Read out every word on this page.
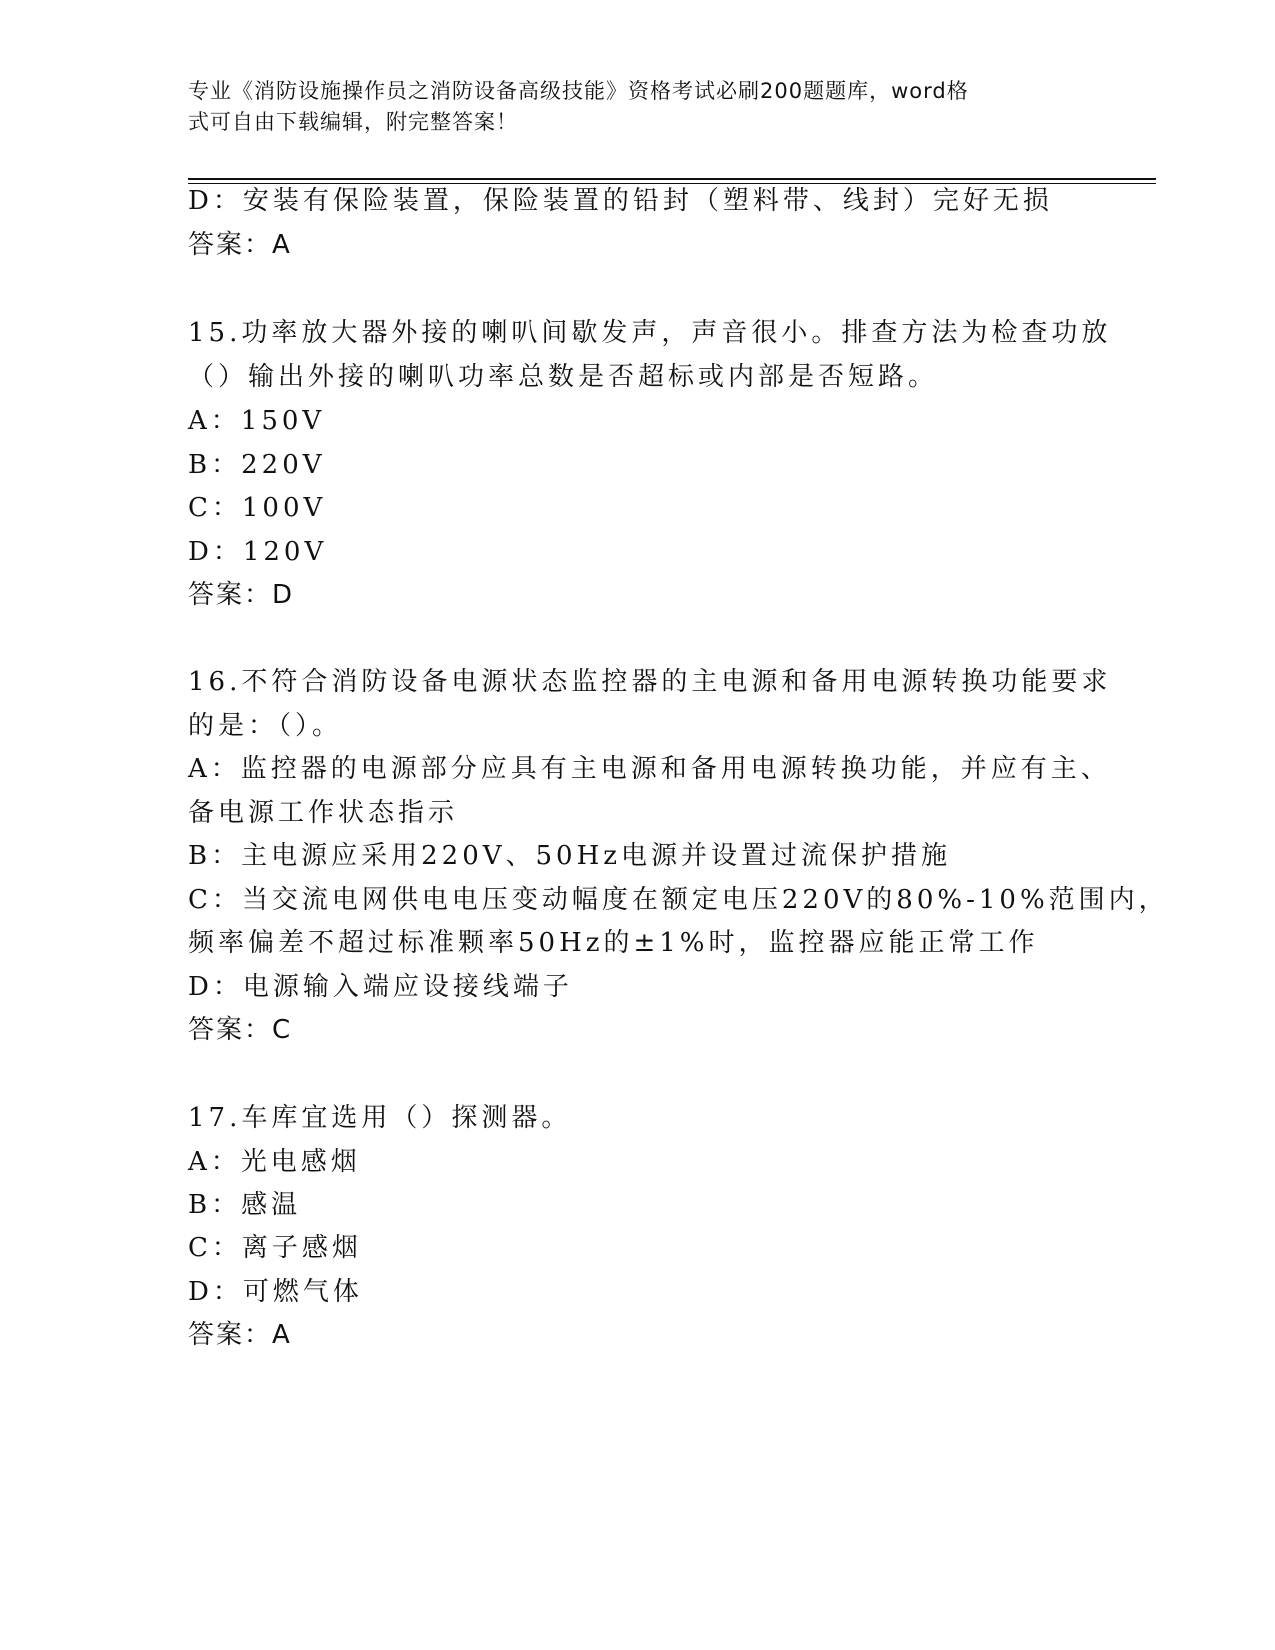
专业《消防设施操作员之消防设备高级技能》资格考试必刷200题题库，word格
式可自由下载编辑，附完整答案！
D：安装有保险装置，保险装置的铅封（塑料带、线封）完好无损
答案：A
15.功率放大器外接的喇叭间歇发声，声音很小。排查方法为检查功放
（）输出外接的喇叭功率总数是否超标或内部是否短路。
A：150V
B：220V
C：100V
D：120V
答案：D
16.不符合消防设备电源状态监控器的主电源和备用电源转换功能要求
的是：（）。
A：监控器的电源部分应具有主电源和备用电源转换功能，并应有主、
备电源工作状态指示
B：主电源应采用220V、50Hz电源并设置过流保护措施
C：当交流电网供电电压变动幅度在额定电压220V的80%-10%范围内，
频率偏差不超过标准颗率50Hz的±1%时，监控器应能正常工作
D：电源输入端应设接线端子
答案：C
17.车库宜选用（）探测器。
A：光电感烟
B：感温
C：离子感烟
D：可燃气体
答案：A
